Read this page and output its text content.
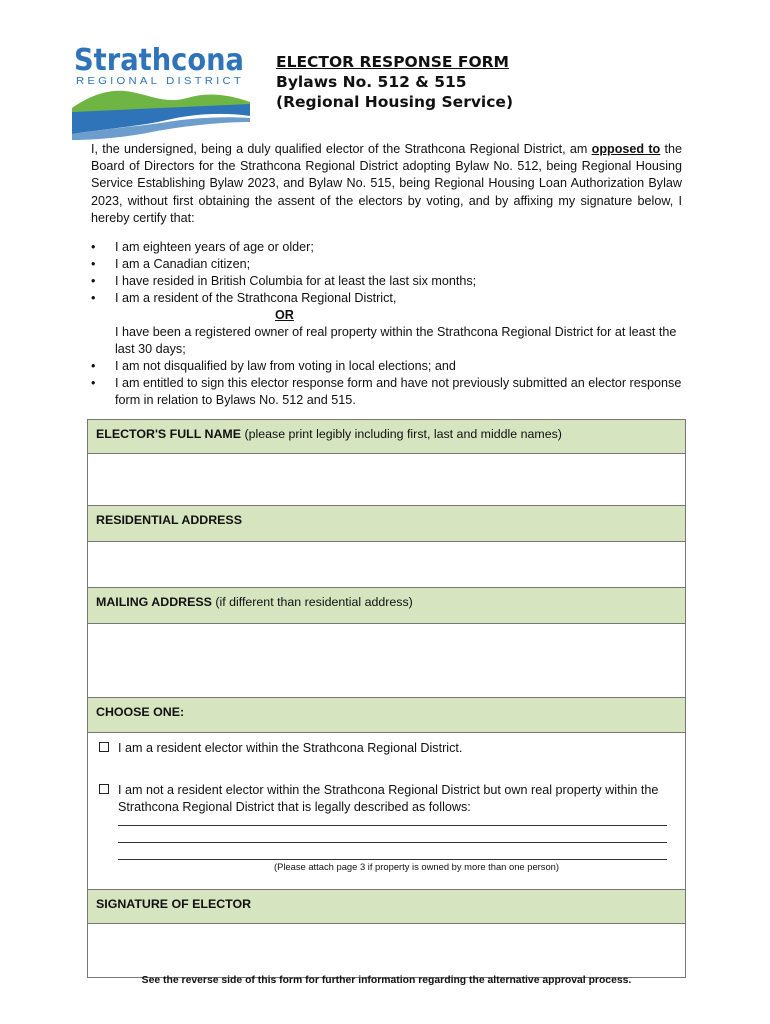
Strathcona
REGIONAL DISTRICT
ELECTOR RESPONSE FORM
Bylaws No. 512 & 515
(Regional Housing Service)
I, the undersigned, being a duly qualified elector of the Strathcona Regional District, am opposed to the Board of Directors for the Strathcona Regional District adopting Bylaw No. 512, being Regional Housing Service Establishing Bylaw 2023, and Bylaw No. 515, being Regional Housing Loan Authorization Bylaw 2023, without first obtaining the assent of the electors by voting, and by affixing my signature below, I hereby certify that:
• I am eighteen years of age or older;
• I am a Canadian citizen;
• I have resided in British Columbia for at least the last six months;
• I am a resident of the Strathcona Regional District,
OR
I have been a registered owner of real property within the Strathcona Regional District for at least the last 30 days;
• I am not disqualified by law from voting in local elections; and
• I am entitled to sign this elector response form and have not previously submitted an elector response form in relation to Bylaws No. 512 and 515.
ELECTOR'S FULL NAME (please print legibly including first, last and middle names)
RESIDENTIAL ADDRESS
MAILING ADDRESS (if different than residential address)
CHOOSE ONE:
I am a resident elector within the Strathcona Regional District.
I am not a resident elector within the Strathcona Regional District but own real property within the Strathcona Regional District that is legally described as follows:
(Please attach page 3 if property is owned by more than one person)
SIGNATURE OF ELECTOR
See the reverse side of this form for further information regarding the alternative approval process.
